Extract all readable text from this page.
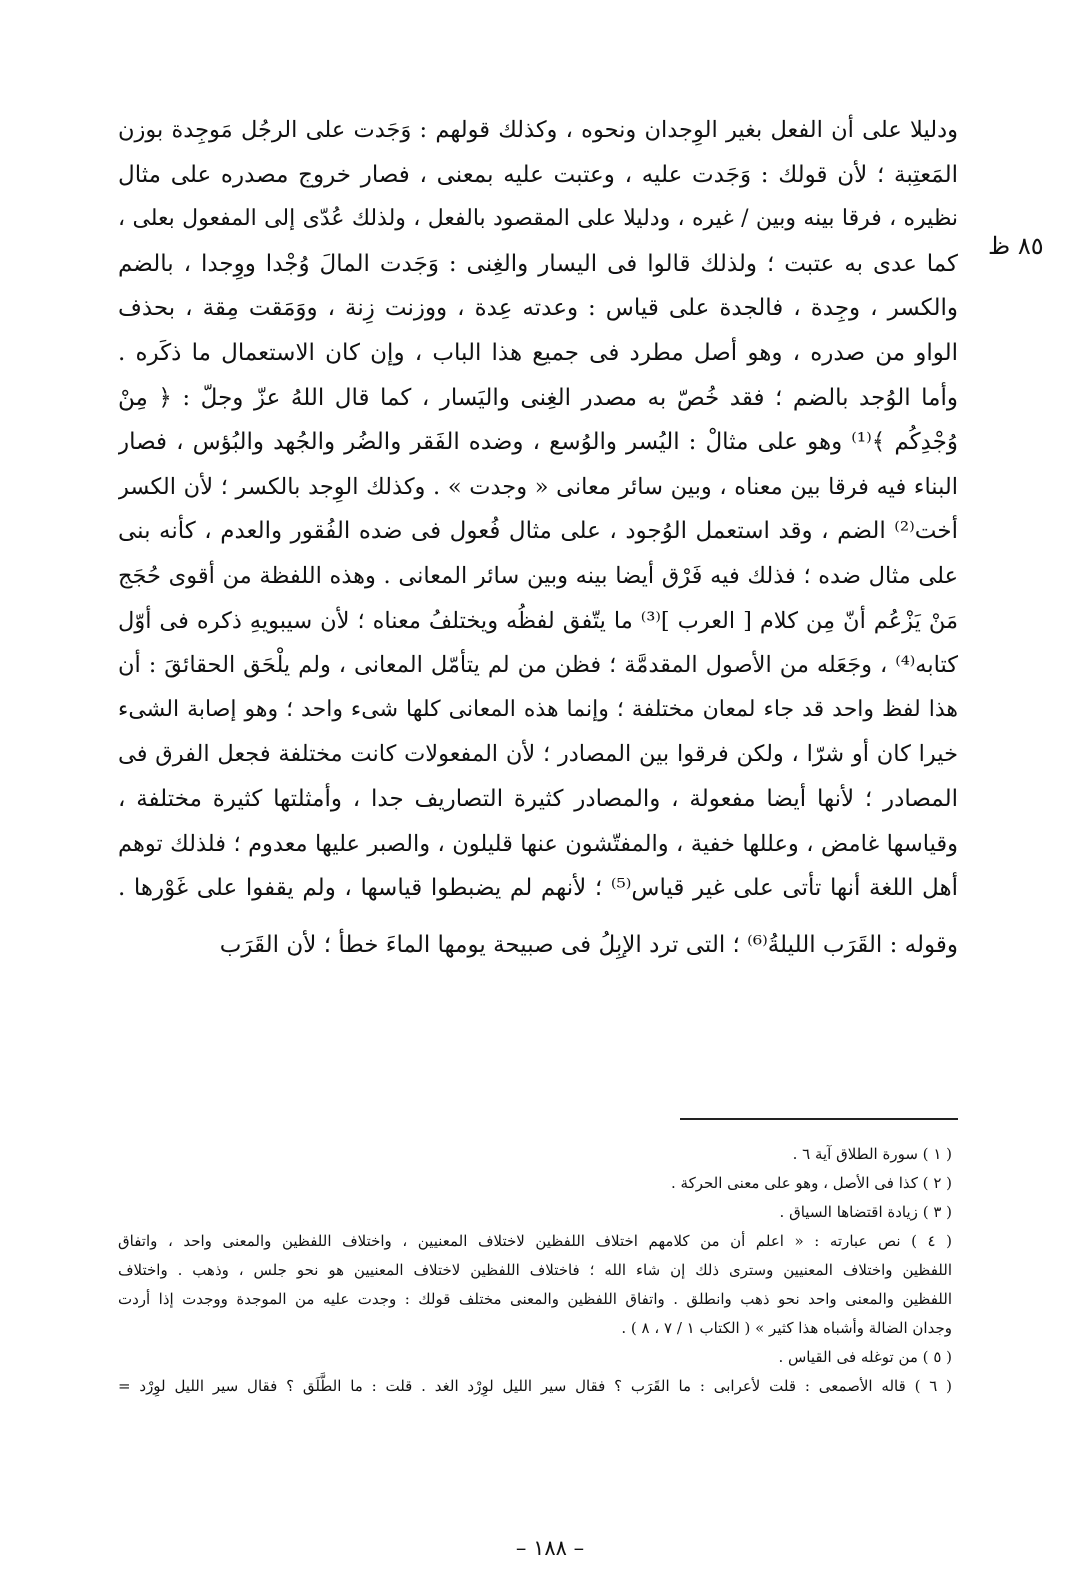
٨٥ ظ
ودليلا على أن الفعل بغير الوِجدان ونحوه ، وكذلك قولهم : وَجَدت على الرجُل مَوجِدة بوزن
المَعتِبة ؛ لأن قولك : وَجَدت عليه ، وعتبت عليه بمعنى ، فصار خروج مصدره على مثال
نظيره ، فرقا بينه وبين / غيره ، ودليلا على المقصود بالفعل ، ولذلك عُدّى إلى المفعول بعلى ،
كما عدى به عتبت ؛ ولذلك قالوا فى اليسار والغِنى : وَجَدت المالَ وُجْدا ووِجدا ، بالضم
والكسر ، وجِدة ، فالجدة على قياس : وعدته عِدة ، ووزنت زِنة ، ووَمَقت مِقة ، بحذف
الواو من صدره ، وهو أصل مطرد فى جميع هذا الباب ، وإن كان الاستعمال ما ذكَره .
وأما الوُجد بالضم ؛ فقد خُصّ به مصدر الغِنى واليَسار ، كما قال اللهُ عزّ وجلّ : ﴿ مِنْ
وُجْدِكُم ﴾⁽¹⁾ وهو على مثالْ : اليُسر والوُسع ، وضده الفَقر والضُر والجُهد والبُؤس ، فصار
البناء فيه فرقا بين معناه ، وبين سائر معانى « وجدت » . وكذلك الوِجد بالكسر ؛ لأن الكسر
أخت⁽²⁾ الضم ، وقد استعمل الوُجود ، على مثال فُعول فى ضده الفُقور والعدم ، كأنه بنى
على مثال ضده ؛ فذلك فيه فَرْق أيضا بينه وبين سائر المعانى . وهذه اللفظة من أقوى حُجَج
مَنْ يَزْعُم أنّ مِن كلام [ العرب ]⁽³⁾ ما يتّفق لفظُه ويختلفُ معناه ؛ لأن سيبويهِ ذكره فى أوّل
كتابه⁽⁴⁾ ، وجَعَله من الأصول المقدمَّة ؛ فظن من لم يتأمّل المعانى ، ولم يلْحَق الحقائقَ : أن
هذا لفظ واحد قد جاء لمعان مختلفة ؛ وإنما هذه المعانى كلها شىء واحد ؛ وهو إصابة الشىء
خيرا كان أو شرّا ، ولكن فرقوا بين المصادر ؛ لأن المفعولات كانت مختلفة فجعل الفرق فى
المصادر ؛ لأنها أيضا مفعولة ، والمصادر كثيرة التصاريف جدا ، وأمثلتها كثيرة مختلفة ،
وقياسها غامض ، وعللها خفية ، والمفتّشون عنها قليلون ، والصبر عليها معدوم ؛ فلذلك توهم
أهل اللغة أنها تأتى على غير قياس⁽⁵⁾ ؛ لأنهم لم يضبطوا قياسها ، ولم يقفوا على غَوْرها .
وقوله : القَرَب الليلةُ⁽⁶⁾ ؛ التى ترد الإبِلُ فى صبيحة يومها الماءَ خطأ ؛ لأن القَرَب
( ١ ) سورة الطلاق آية ٦ .
( ٢ ) كذا فى الأصل ، وهو على معنى الحركة .
( ٣ ) زيادة اقتضاها السياق .
( ٤ ) نص عبارته : « اعلم أن من كلامهم اختلاف اللفظين لاختلاف المعنيين ، واختلاف اللفظين والمعنى واحد ، واتفاق
اللفظين واختلاف المعنيين وسترى ذلك إن شاء الله ؛ فاختلاف اللفظين لاختلاف المعنيين هو نحو جلس ، وذهب . واختلاف
اللفظين والمعنى واحد نحو ذهب وانطلق . واتفاق اللفظين والمعنى مختلف قولك : وجدت عليه من الموجدة ووجدت إذا أردت
وجدان الضالة وأشباه هذا كثير » ( الكتاب ١ / ٧ ، ٨ ) .
( ٥ ) من توغله فى القياس .
( ٦ ) قاله الأصمعى : قلت لأعرابى : ما القَرَب ؟ فقال سير الليل لوِرْد الغد . قلت : ما الطَّلَق ؟ فقال سير الليل لوِرْد =
– ١٨٨ –
